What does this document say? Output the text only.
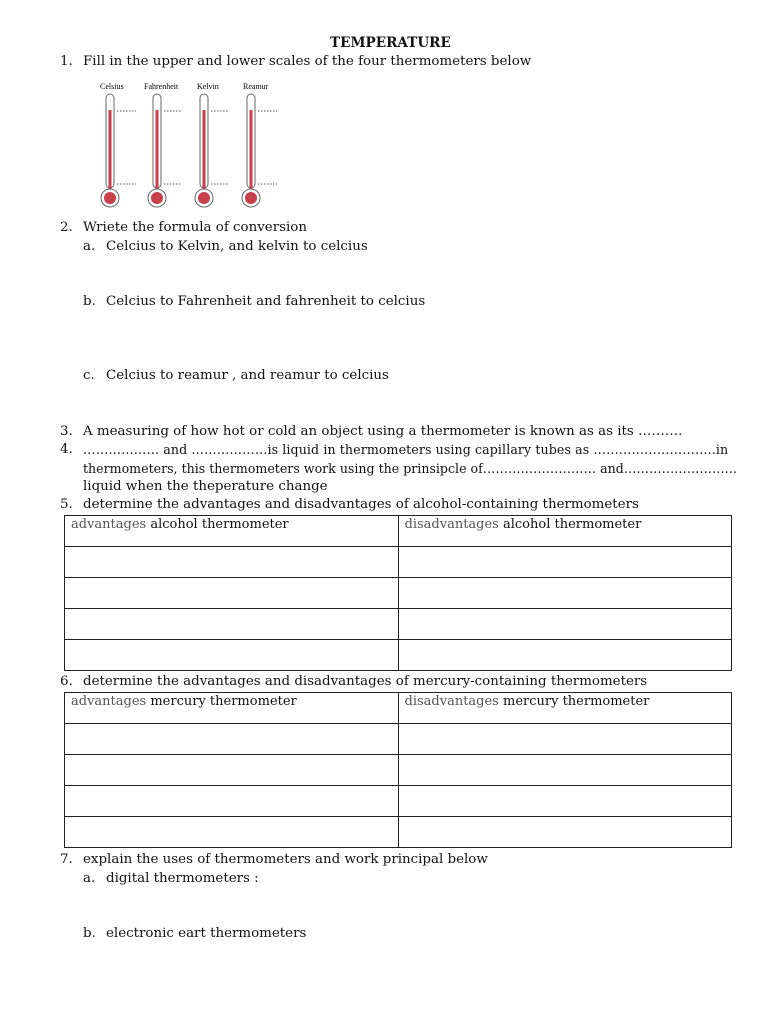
TEMPERATURE
1. Fill in the upper and lower scales of the four thermometers below
Celsius	Fahrenheit Kelvin	Reamur
2. Wriete the formula of conversion
a. Celcius to Kelvin, and kelvin to celcius
b. Celcius to Fahrenheit and fahrenheit to celcius
c. Celcius to reamur , and reamur to celcius
3. A measuring of how hot or cold an object using a thermometer is known as as its ……….
4. ……………… and ………………is liquid in thermometers using capillary tubes as ………………………..in
thermometers, this thermometers work using the prinsipcle of……………………… and………………………
liquid when the theperature change
5. determine the advantages and disadvantages of alcohol-containing thermometers
advantages alcohol thermometer	disadvantages alcohol thermometer

6. determine the advantages and disadvantages of mercury-containing thermometers
advantages mercury thermometer	disadvantages mercury thermometer

7. explain the uses of thermometers and work principal below
a. digital thermometers :
b. electronic eart thermometers
